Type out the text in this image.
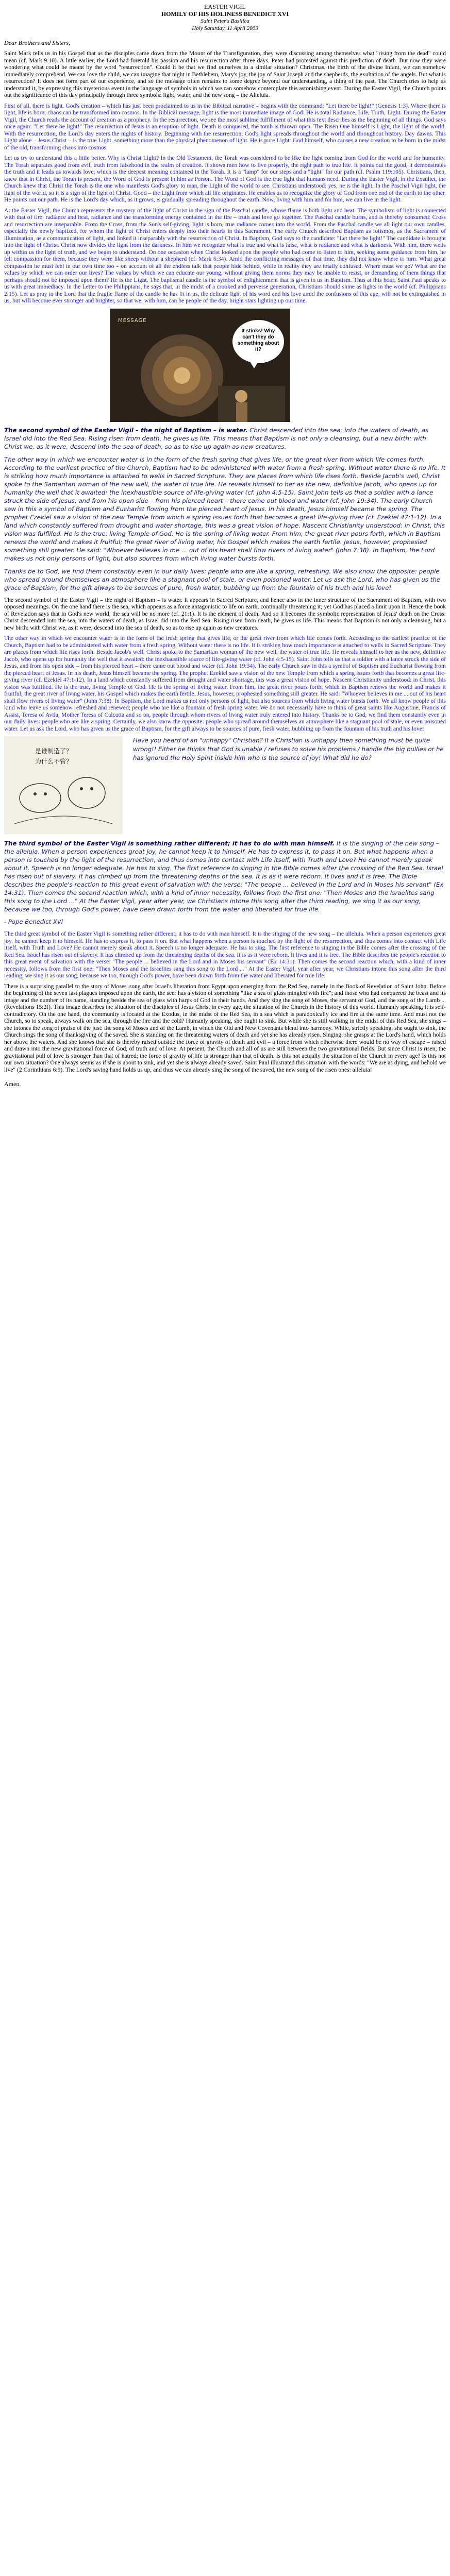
EASTER VIGIL
HOMILY OF HIS HOLINESS BENEDICT XVI
Saint Peter's Basilica
Holy Saturday, 11 April 2009
Dear Brothers and Sisters,

Saint Mark tells us in his Gospel that as the disciples came down from the Mount of the Transfiguration, they were discussing among themselves what "rising from the dead" could mean (cf. Mark 9:10). A little earlier, the Lord had foretold his passion and his resurrection after three days. Peter had protested against this prediction of death. But now they were wondering what could be meant by the word "resurrection". Could it be that we find ourselves in a similar situation? Christmas, the birth of the divine Infant, we can somehow immediately comprehend. We can love the child, we can imagine that night in Bethlehem, Mary's joy, the joy of Saint Joseph and the shepherds, the exultation of the angels. But what is resurrection? It does not form part of our experience, and so the message often remains to some degree beyond our understanding, a thing of the past. The Church tries to help us understand it, by expressing this mysterious event in the language of symbols in which we can somehow contemplate this astonishing event. During the Easter Vigil, the Church points out the significance of this day principally through three symbols: light, water, and the new song – the Alleluia.

First of all, there is light. God's creation – which has just been proclaimed to us in the Biblical narrative – begins with the command: "Let there be light!" (Genesis 1:3). Where there is light, life is born, chaos can be transformed into cosmos. In the Biblical message, light is the most immediate image of God: He is total Radiance, Life, Truth, Light. During the Easter Vigil, the Church reads the account of creation as a prophecy. In the resurrection, we see the most sublime fulfillment of what this text describes as the beginning of all things. God says once again: "Let there be light!" The resurrection of Jesus is an eruption of light. Death is conquered, the tomb is thrown open. The Risen One himself is Light, the light of the world. With the resurrection, the Lord's day enters the nights of history. Beginning with the resurrection, God's light spreads throughout the world and throughout history. Day dawns. This Light alone – Jesus Christ – is the true Light, something more than the physical phenomenon of light. He is pure Light: God himself, who causes a new creation to be born in the midst of the old, transforming chaos into cosmos.

Let us try to understand this a little better. Why is Christ Light? In the Old Testament, the Torah was considered to be like the light coming from God for the world and for humanity. The Torah separates good from evil, truth from falsehood in the realm of creation. It shows men how to live properly, the right path to true life. It points out the good, it demonstrates the truth and it leads us towards love, which is the deepest meaning contained in the Torah. It is a "lamp" for our steps and a "light" for our path (cf. Psalm 119:105). Christians, then, knew that in Christ, the Torah is present, the Word of God is present in him as Person. The Word of God is the true light that humans need. During the Easter Vigil, in the Exsultet, the Church knew that Christ the Torah is the one who manifests God's glory to man, the Light of the world to see. Christians understood: yes, he is the light. In the Paschal Vigil light, the light of the world, so it is a sign of the light of Christ. Good – the Light from which all life originates. He enables us to recognize the glory of God from one end of the earth to the other. He points out our path. He is the Lord's day which, as it grows, is gradually spreading throughout the earth. Now, living with him and for him, we can live in the light.

At the Easter Vigil, the Church represents the mystery of the light of Christ in the sign of the Paschal candle, whose flame is both light and heat. The symbolism of light is connected with that of fire: radiance and heat, radiance and the transforming energy contained in the fire – truth and love go together. The Paschal candle burns, and is thereby consumed: Cross and resurrection are inseparable. From the Cross, from the Son's self-giving, light is born, true radiance comes into the world. From the Paschal candle we all light our own candles, especially the newly baptized, for whom the light of Christ enters deeply into their hearts in this Sacrament. The early Church described Baptism as fotismos, as the Sacrament of illumination, as a communication of light, and linked it inseparably with the resurrection of Christ. In Baptism, God says to the candidate: "Let there be light!" The candidate is brought into the light of Christ. Christ now divides the light from the darkness. In him we recognize what is true and what is false, what is radiance and what is darkness. With him, there wells up within us the light of truth, and we begin to understand. On one occasion when Christ looked upon the people who had come to listen to him, seeking some guidance from him, he felt compassion for them, because they were like sheep without a shepherd (cf. Mark 6:34). Amid the conflicting messages of that time, they did not know where to turn. What great compassion he must feel in our own time too – on account of all the endless talk that people hide behind, while in reality they are totally confused. Where must we go? What are the values by which we can order our lives? The values by which we can educate our young, without giving them norms they may be unable to resist, or demanding of them things that perhaps should not be imposed upon them? He is the Light. The baptismal candle is the symbol of enlightenment that is given to us in Baptism. Thus at this hour, Saint Paul speaks to us with great immediacy. In the Letter to the Philippians, he says that, in the midst of a crooked and perverse generation, Christians should shine as lights in the world (cf. Philippians 2:15). Let us pray to the Lord that the fragile flame of the candle he has lit in us, the delicate light of his word and his love amid the confusions of this age, will not be extinguished in us, but will become ever stronger and brighter, so that we, with him, can be people of the day, bright stars lighting up our time.

MESSAGE
It stinks! Why can't they do something about it?
The second symbol of the Easter Vigil – the night of Baptism – is water. Christ descended into the sea, into the waters of death, as Israel did into the Red Sea. Rising risen from death, he gives us life. This means that Baptism is not only a cleansing, but a new birth: with Christ we, as it were, descend into the sea of death, so as to rise up again as new creatures.
The other way in which we encounter water is in the form of the fresh spring that gives life, or the great river from which life comes forth. According to the earliest practice of the Church, Baptism had to be administered with water from a fresh spring. Without water there is no life. It is striking how much importance is attached to wells in Sacred Scripture. They are places from which life rises forth. Beside Jacob's well, Christ spoke to the Samaritan woman of the new well, the water of true life. He reveals himself to her as the new, definitive Jacob, who opens up for humanity the well that it awaited: the inexhaustible source of life-giving water (cf. John 4:5-15). Saint John tells us that a soldier with a lance struck the side of Jesus, and from his open side – from his pierced heart – there came out blood and water (cf. John 19:34). The early Church saw in this a symbol of Baptism and Eucharist flowing from the pierced heart of Jesus. In his death, Jesus himself became the spring. The prophet Ezekiel saw a vision of the new Temple from which a spring issues forth that becomes a great life-giving river (cf. Ezekiel 47:1-12). In a land which constantly suffered from drought and water shortage, this was a great vision of hope. Nascent Christianity understood: in Christ, this vision was fulfilled. He is the true, living Temple of God. He is the spring of living water. From him, the great river pours forth, which in Baptism renews the world and makes it fruitful; the great river of living water, his Gospel which makes the earth fertile. Jesus, however, prophesied something still greater. He said: "Whoever believes in me ... out of his heart shall flow rivers of living water" (John 7:38). In Baptism, the Lord makes us not only persons of light, but also sources from which living water bursts forth.
Thanks be to God, we find them constantly even in our daily lives: people who are like a spring, refreshing. We also know the opposite: people who spread around themselves an atmosphere like a stagnant pool of stale, or even poisoned water. Let us ask the Lord, who has given us the grace of Baptism, for the gift always to be sources of pure, fresh water, bubbling up from the fountain of his truth and his love!

The second symbol of the Easter Vigil – the night of Baptism – is water. It appears in Sacred Scripture, and hence also in the inner structure of the Sacrament of Baptism, with two opposed meanings. On the one hand there is the sea, which appears as a force antagonistic to life on earth, continually threatening it; yet God has placed a limit upon it. Hence the book of Revelation says that in God's new world, the sea will be no more (cf. 21:1). It is the element of death. And so it becomes the symbolic representation of Jesus' death on the Cross: Christ descended into the sea, into the waters of death, as Israel did into the Red Sea. Rising risen from death, he gives us life. This means that Baptism is not only a cleansing, but a new birth: with Christ we, as it were, descend into the sea of death, so as to rise up again as new creatures.

The other way in which we encounter water is in the form of the fresh spring that gives life, or the great river from which life comes forth. According to the earliest practice of the Church, Baptism had to be administered with water from a fresh spring. Without water there is no life. It is striking how much importance is attached to wells in Sacred Scripture. They are places from which life rises forth. Beside Jacob's well, Christ spoke to the Samaritan woman of the new well, the water of true life. He reveals himself to her as the new, definitive Jacob, who opens up for humanity the well that it awaited: the inexhaustible source of life-giving water (cf. John 4:5-15). Saint John tells us that a soldier with a lance struck the side of Jesus, and from his open side – from his pierced heart – there came out blood and water (cf. John 19:34). The early Church saw in this a symbol of Baptism and Eucharist flowing from the pierced heart of Jesus. In his death, Jesus himself became the spring. The prophet Ezekiel saw a vision of the new Temple from which a spring issues forth that becomes a great life-giving river (cf. Ezekiel 47:1-12). In a land which constantly suffered from drought and water shortage, this was a great vision of hope. Nascent Christianity understood: in Christ, this vision was fulfilled. He is the true, living Temple of God. He is the spring of living water. From him, the great river pours forth, which in Baptism renews the world and makes it fruitful; the great river of living water, his Gospel which makes the earth fertile. Jesus, however, prophesied something still greater. He said: "Whoever believes in me ... out of his heart shall flow rivers of living water" (John 7:38). In Baptism, the Lord makes us not only persons of light, but also sources from which living water bursts forth. We all know people of this kind who leave us somehow refreshed and renewed; people who are like a fountain of fresh spring water. We do not necessarily have to think of great saints like Augustine, Francis of Assisi, Teresa of Avila, Mother Teresa of Calcutta and so on, people through whom rivers of living water truly entered into history. Thanks be to God, we find them constantly even in our daily lives: people who are like a spring. Certainly, we also know the opposite: people who spread around themselves an atmosphere like a stagnant pool of stale, or even poisoned water. Let us ask the Lord, who has given us the grace of Baptism, for the gift always to be sources of pure, fresh water, bubbling up from the fountain of his truth and his love!

是谁制造了？
为什么不管？
Have you heard of an "unhappy" Christian? If a Christian is unhappy then something must be quite wrong!! Either he thinks that God is unable / refuses to solve his problems / handle the big bullies or he has ignored the Holy Spirit inside him who is the source of joy! What did he do?
The third symbol of the Easter Vigil is something rather different; it has to do with man himself. It is the singing of the new song – the alleluia. When a person experiences great joy, he cannot keep it to himself. He has to express it, to pass it on. But what happens when a person is touched by the light of the resurrection, and thus comes into contact with Life itself, with Truth and Love? He cannot merely speak about it. Speech is no longer adequate. He has to sing. The first reference to singing in the Bible comes after the crossing of the Red Sea. Israel has risen out of slavery. It has climbed up from the threatening depths of the sea. It is as it were reborn. It lives and it is free. The Bible describes the people's reaction to this great event of salvation with the verse: "The people ... believed in the Lord and in Moses his servant" (Ex 14:31). Then comes the second reaction which, with a kind of inner necessity, follows from the first one: "Then Moses and the Israelites sang this song to the Lord ..." At the Easter Vigil, year after year, we Christians intone this song after the third reading, we sing it as our song, because we too, through God's power, have been drawn forth from the water and liberated for true life.
- Pope Benedict XVI

The third great symbol of the Easter Vigil is something rather different; it has to do with man himself. It is the singing of the new song – the alleluia. When a person experiences great joy, he cannot keep it to himself. He has to express it, to pass it on. But what happens when a person is touched by the light of the resurrection, and thus comes into contact with Life itself, with Truth and Love? He cannot merely speak about it. Speech is no longer adequate. He has to sing. The first reference to singing in the Bible comes after the crossing of the Red Sea. Israel has risen out of slavery. It has climbed up from the threatening depths of the sea. It is as it were reborn. It lives and it is free. The Bible describes the people's reaction to this great event of salvation with the verse: "The people ... believed in the Lord and in Moses his servant" (Ex 14:31). Then comes the second reaction which, with a kind of inner necessity, follows from the first one: "Then Moses and the Israelites sang this song to the Lord ..." At the Easter Vigil, year after year, we Christians intone this song after the third reading, we sing it as our song, because we too, through God's power, have been drawn forth from the water and liberated for true life.

There is a surprising parallel to the story of Moses' song after Israel's liberation from Egypt upon emerging from the Red Sea, namely in the Book of Revelation of Saint John. Before the beginning of the seven last plagues imposed upon the earth, the seer has a vision of something "like a sea of glass mingled with fire"; and those who had conquered the beast and its image and the number of its name, standing beside the sea of glass with harps of God in their hands. And they sing the song of Moses, the servant of God, and the song of the Lamb ... (Revelations 15:2f). This image describes the situation of the disciples of Jesus Christ in every age, the situation of the Church in the history of this world. Humanly speaking, it is self-contradictory. On the one hand, the community is located at the Exodus, in the midst of the Red Sea, in a sea which is paradoxically ice and fire at the same time. And must not the Church, so to speak, always walk on the sea, through the fire and the cold? Humanly speaking, she ought to sink. But while she is still walking in the midst of this Red Sea, she sings – she intones the song of praise of the just: the song of Moses and of the Lamb, in which the Old and New Covenants blend into harmony. While, strictly speaking, she ought to sink, the Church sings the song of thanksgiving of the saved. She is standing on the threatening waters of death and yet she has already risen. Singing, she grasps at the Lord's hand, which holds her above the waters. And she knows that she is thereby raised outside the force of gravity of death and evil – a force from which otherwise there would be no way of escape – raised and drawn into the new gravitational force of God, of truth and of love. At present, the Church and all of us are still between the two gravitational fields. But since Christ is risen, the gravitational pull of love is stronger than that of hatred; the force of gravity of life is stronger than that of death. Is this not actually the situation of the Church in every age? Is this not our own situation? One always seems as if she is about to sink, and yet she is always already saved. Saint Paul illustrated this situation with the words: "We are as dying, and behold we live" (2 Corinthians 6:9). The Lord's saving hand holds us up, and thus we can already sing the song of the saved, the new song of the risen ones: alleluia!

Amen.
